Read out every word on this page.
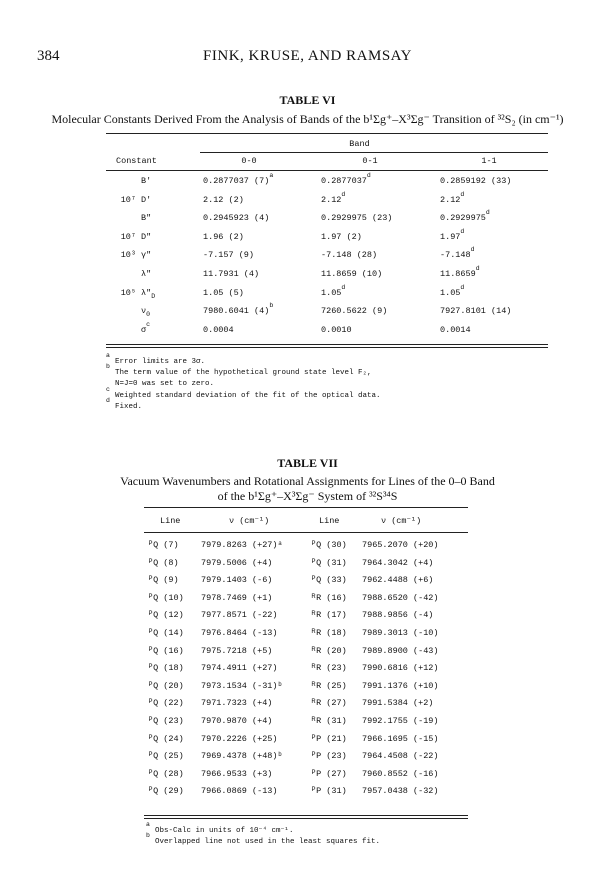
384	FINK, KRUSE, AND RAMSAY
TABLE VI
Molecular Constants Derived From the Analysis of Bands of the b¹Σg⁺–X³Σg⁻ Transition of ³²S₂ (in cm⁻¹)
Band
Constant	0-0	0-1	1-1
B'	0.2877037 $(7)^a$
0.2877037$^d$
0.2859192 (33)
10⁷ D'	2.12 (2)	2.12$^d$
2.12$^d$
B"	0.2945923 (4)	0.2929975 (23)	0.2929975$^d$
10⁷ D"	1.96 (2)	1.97 (2)	1.97$^d$
10³ γ"	-7.157 (9)	-7.148 (28)	-7.148$^d$
λ"	11.7931 (4)	11.8659 (10)	11.8659$^d$
10⁵ $\lambda"_D$	1.05 (5)	1.05$^d$
1.05$^d$
$\nu_0$	7980.6041 $(4)^b$
7260.5622 (9)	7927.8101 (14)
$\sigma^c$
0.0004	0.0010	0.0014
aError limits are 3σ.
bThe term value of the hypothetical ground state level F₂,
N=J=0 was set to zero.
cWeighted standard deviation of the fit of the optical data.
dFixed.
TABLE VII
Vacuum Wavenumbers and Rotational Assignments for Lines of the 0–0 Band
of the b¹Σg⁺–X³Σg⁻ System of ³²S³⁴S
Line	ν (cm⁻¹)	Line	ν (cm⁻¹)
ᴾQ (7)	7979.8263 (+27)ᵃ	ᴾQ (30) 7965.2070 (+20)
ᴾQ (8)	7979.5006 (+4)	ᴾQ (31) 7964.3042 (+4)
ᴾQ (9)	7979.1403 (-6)	ᴾQ (33) 7962.4488 (+6)
ᴾQ (10) 7978.7469 (+1)	ᴿR (16) 7988.6520 (-42)
ᴾQ (12) 7977.8571 (-22)	ᴿR (17) 7988.9856 (-4)
ᴾQ (14) 7976.8464 (-13)	ᴿR (18) 7989.3013 (-10)
ᴾQ (16) 7975.7218 (+5)	ᴿR (20) 7989.8900 (-43)
ᴾQ (18) 7974.4911 (+27)	ᴿR (23) 7990.6816 (+12)
ᴾQ (20) 7973.1534 (-31)ᵇ	ᴿR (25) 7991.1376 (+10)
ᴾQ (22) 7971.7323 (+4)	ᴿR (27) 7991.5384 (+2)
ᴾQ (23) 7970.9870 (+4)	ᴿR (31) 7992.1755 (-19)
ᴾQ (24) 7970.2226 (+25)	ᴾP (21) 7966.1695 (-15)
ᴾQ (25) 7969.4378 (+48)ᵇ	ᴾP (23) 7964.4508 (-22)
ᴾQ (28) 7966.9533 (+3)	ᴾP (27) 7960.8552 (-16)
ᴾQ (29) 7966.0869 (-13)	ᴾP (31) 7957.0438 (-32)
aObs-Calc in units of 10⁻⁴ cm⁻¹.
bOverlapped line not used in the least squares fit.
